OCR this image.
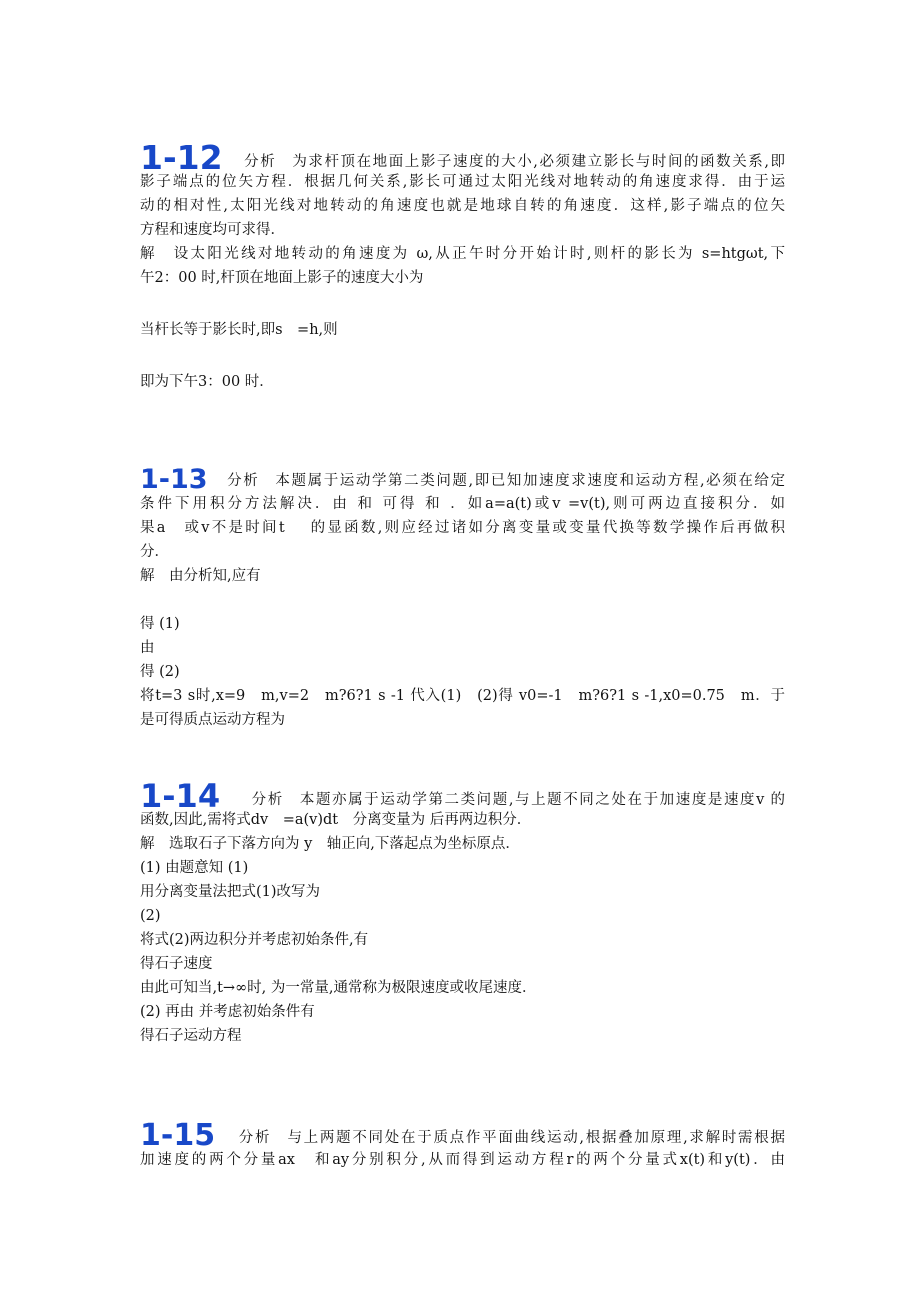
1-12 分析　为求杆顶在地面上影子速度的大小,必须建立影长与时间的函数关系,即
影子端点的位矢方程．根据几何关系,影长可通过太阳光线对地转动的角速度求得．由于运
动的相对性,太阳光线对地转动的角速度也就是地球自转的角速度．这样,影子端点的位矢
方程和速度均可求得．
解　设太阳光线对地转动的角速度为 ω,从正午时分开始计时,则杆的影长为 s=htgωt,下
午2：00 时,杆顶在地面上影子的速度大小为
当杆长等于影长时,即s　=h,则
即为下午3：00 时．
1-13 分析　本题属于运动学第二类问题,即已知加速度求速度和运动方程,必须在给定
条件下用积分方法解决．由 和 可得 和 ．如a=a(t)或v =v(t),则可两边直接积分．如
果a　或v不是时间t　 的显函数,则应经过诸如分离变量或变量代换等数学操作后再做积
分．
解　由分析知,应有
得 (1)
由
得 (2)
将t=3 s时,x=9　m,v=2　m?6?1 s -1 代入(1)　(2)得 v0=-1　m?6?1 s -1,x0=0.75　m．于
是可得质点运动方程为
1-14 分析　本题亦属于运动学第二类问题,与上题不同之处在于加速度是速度v 的
函数,因此,需将式dv　=a(v)dt　分离变量为 后再两边积分．
解　选取石子下落方向为 y　轴正向,下落起点为坐标原点．
(1) 由题意知 (1)
用分离变量法把式(1)改写为
(2)
将式(2)两边积分并考虑初始条件,有
得石子速度
由此可知当,t→∞时, 为一常量,通常称为极限速度或收尾速度．
(2) 再由 并考虑初始条件有
得石子运动方程
1-15 分析　与上两题不同处在于质点作平面曲线运动,根据叠加原理,求解时需根据
加速度的两个分量ax　和ay分别积分,从而得到运动方程r的两个分量式x(t)和y(t)．由
